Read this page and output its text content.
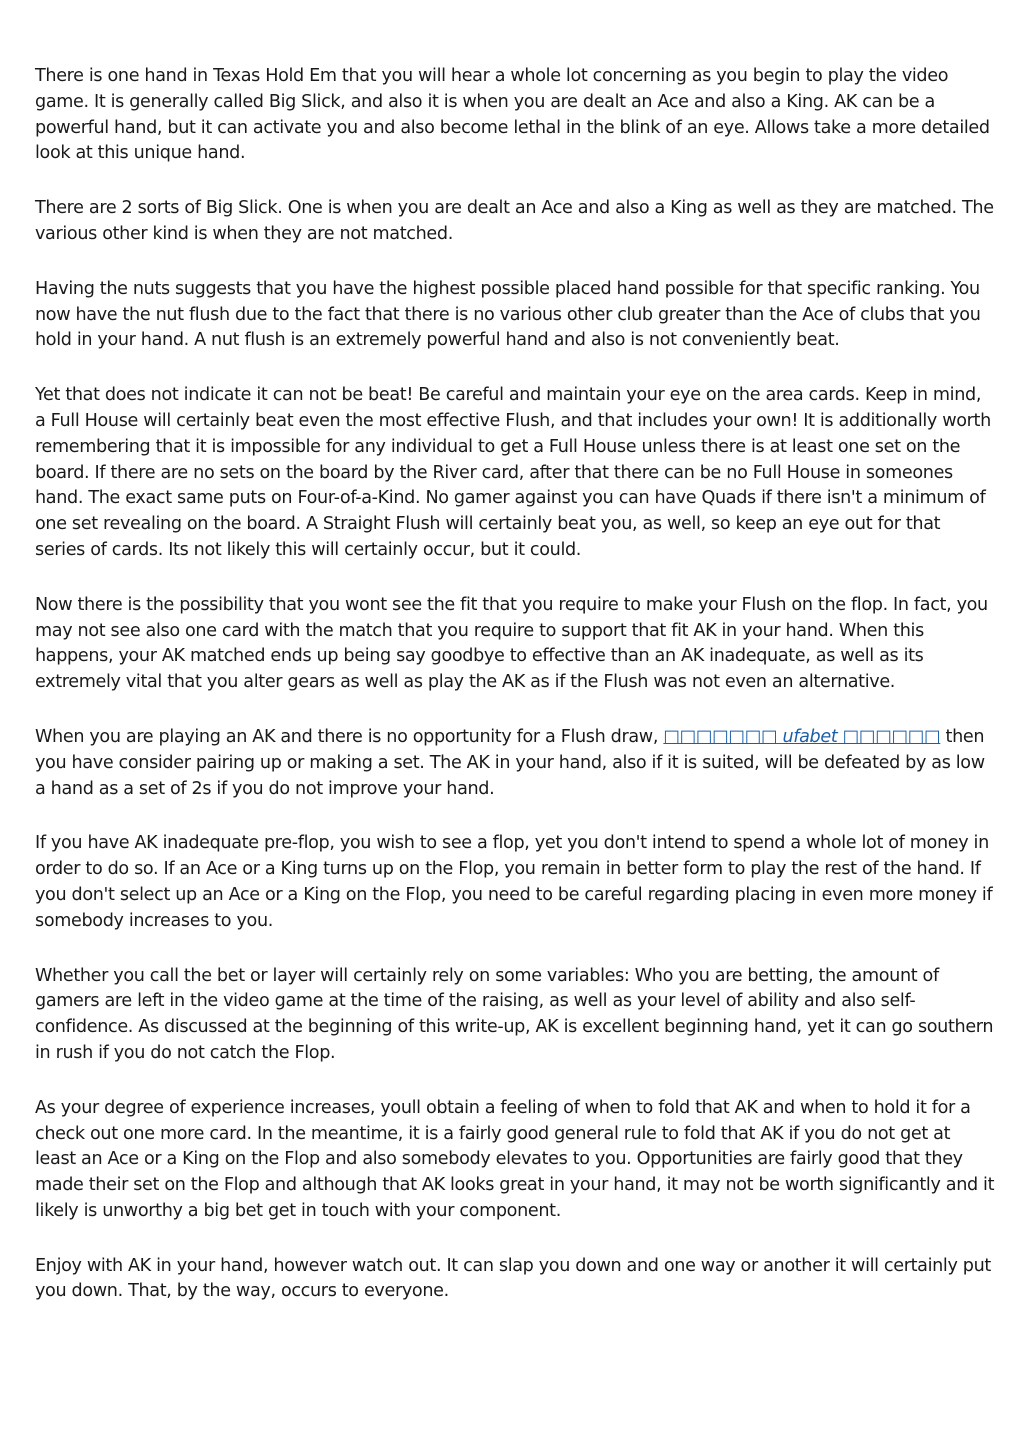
There is one hand in Texas Hold Em that you will hear a whole lot concerning as you begin to play the video game. It is generally called Big Slick, and also it is when you are dealt an Ace and also a King. AK can be a powerful hand, but it can activate you and also become lethal in the blink of an eye. Allows take a more detailed look at this unique hand.

There are 2 sorts of Big Slick. One is when you are dealt an Ace and also a King as well as they are matched. The various other kind is when they are not matched.

Having the nuts suggests that you have the highest possible placed hand possible for that specific ranking. You now have the nut flush due to the fact that there is no various other club greater than the Ace of clubs that you hold in your hand. A nut flush is an extremely powerful hand and also is not conveniently beat.

Yet that does not indicate it can not be beat! Be careful and maintain your eye on the area cards. Keep in mind, a Full House will certainly beat even the most effective Flush, and that includes your own! It is additionally worth remembering that it is impossible for any individual to get a Full House unless there is at least one set on the board. If there are no sets on the board by the River card, after that there can be no Full House in someones hand. The exact same puts on Four-of-a-Kind. No gamer against you can have Quads if there isn't a minimum of one set revealing on the board. A Straight Flush will certainly beat you, as well, so keep an eye out for that series of cards. Its not likely this will certainly occur, but it could.

Now there is the possibility that you wont see the fit that you require to make your Flush on the flop. In fact, you may not see also one card with the match that you require to support that fit AK in your hand. When this happens, your AK matched ends up being say goodbye to effective than an AK inadequate, as well as its extremely vital that you alter gears as well as play the AK as if the Flush was not even an alternative.

When you are playing an AK and there is no opportunity for a Flush draw, □□□□□□□ ufabet □□□□□□ then you have consider pairing up or making a set. The AK in your hand, also if it is suited, will be defeated by as low a hand as a set of 2s if you do not improve your hand.

If you have AK inadequate pre-flop, you wish to see a flop, yet you don't intend to spend a whole lot of money in order to do so. If an Ace or a King turns up on the Flop, you remain in better form to play the rest of the hand. If you don't select up an Ace or a King on the Flop, you need to be careful regarding placing in even more money if somebody increases to you.

Whether you call the bet or layer will certainly rely on some variables: Who you are betting, the amount of gamers are left in the video game at the time of the raising, as well as your level of ability and also self-confidence. As discussed at the beginning of this write-up, AK is excellent beginning hand, yet it can go southern in rush if you do not catch the Flop.

As your degree of experience increases, youll obtain a feeling of when to fold that AK and when to hold it for a check out one more card. In the meantime, it is a fairly good general rule to fold that AK if you do not get at least an Ace or a King on the Flop and also somebody elevates to you. Opportunities are fairly good that they made their set on the Flop and although that AK looks great in your hand, it may not be worth significantly and it likely is unworthy a big bet get in touch with your component.

Enjoy with AK in your hand, however watch out. It can slap you down and one way or another it will certainly put you down. That, by the way, occurs to everyone.
